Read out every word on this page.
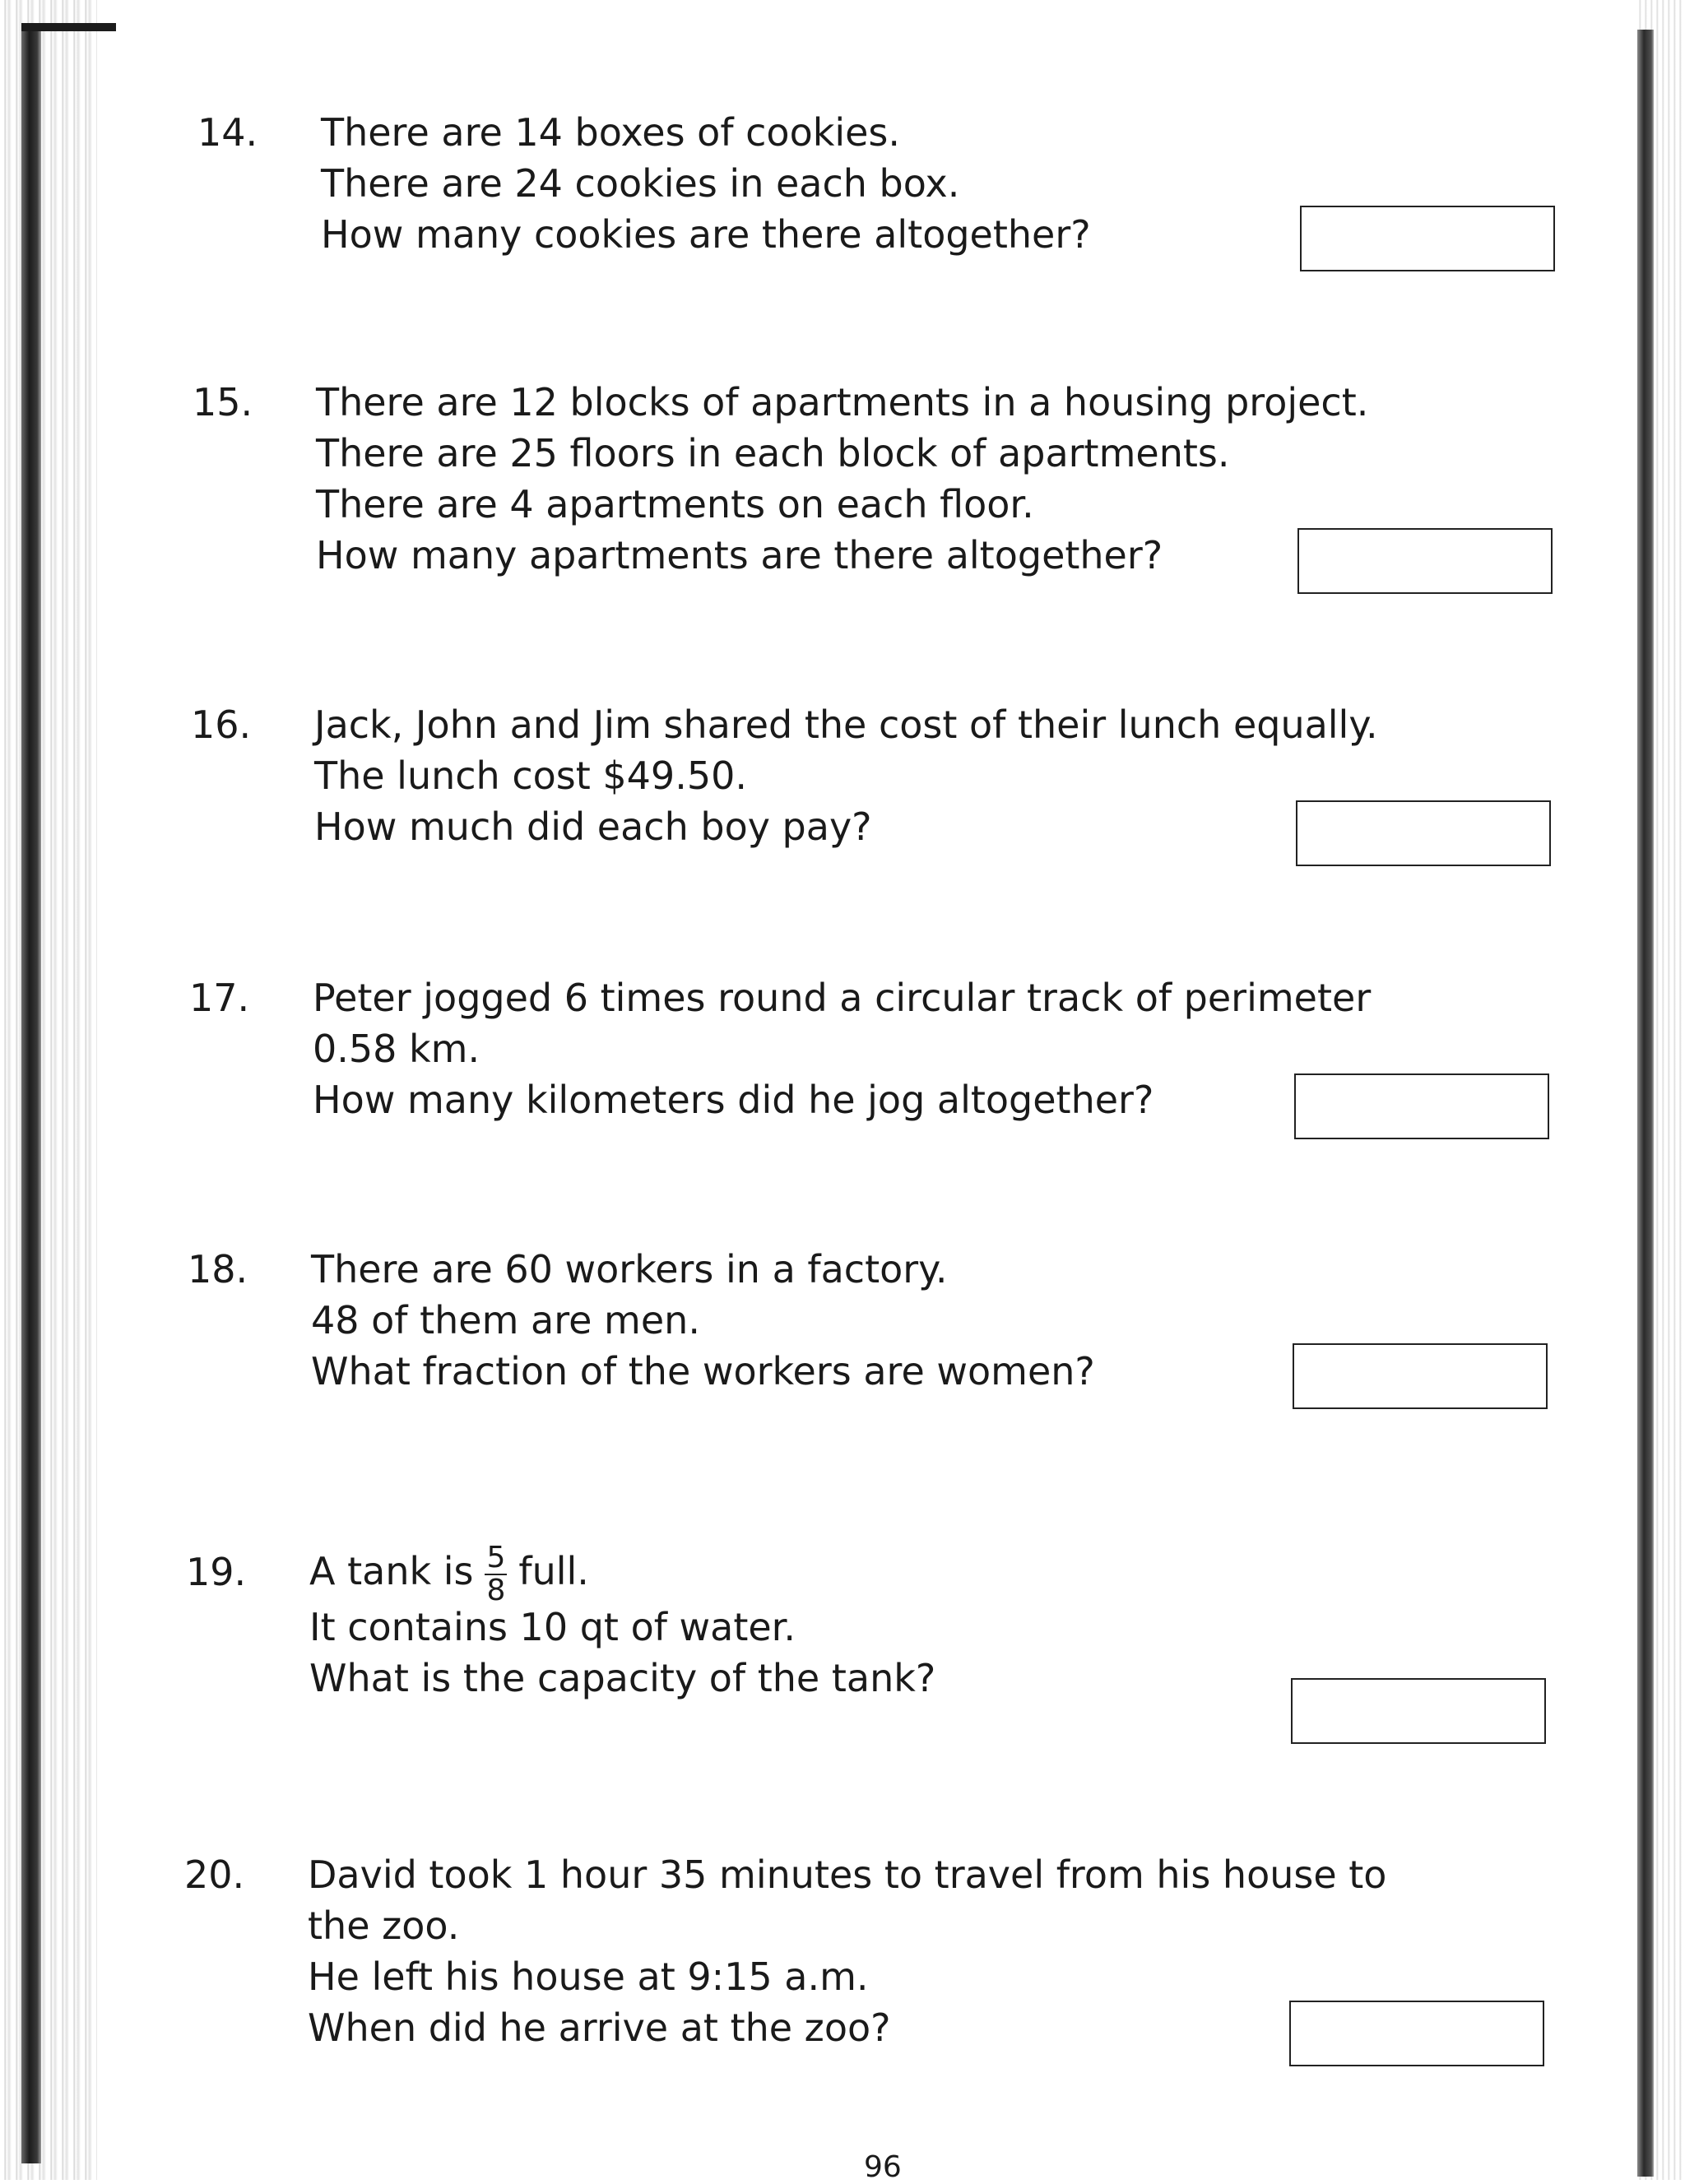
14. There are 14 boxes of cookies.
There are 24 cookies in each box.
How many cookies are there altogether?
15. There are 12 blocks of apartments in a housing project.
There are 25 floors in each block of apartments.
There are 4 apartments on each floor.
How many apartments are there altogether?
16. Jack, John and Jim shared the cost of their lunch equally.
The lunch cost $49.50.
How much did each boy pay?
17. Peter jogged 6 times round a circular track of perimeter
0.58 km.
How many kilometers did he jog altogether?
18. There are 60 workers in a factory.
48 of them are men.
What fraction of the workers are women?
19. A tank is $\frac{5}{8}$ full.
It contains 10 qt of water.
What is the capacity of the tank?
20. David took 1 hour 35 minutes to travel from his house to
the zoo.
He left his house at 9:15 a.m.
When did he arrive at the zoo?
96
